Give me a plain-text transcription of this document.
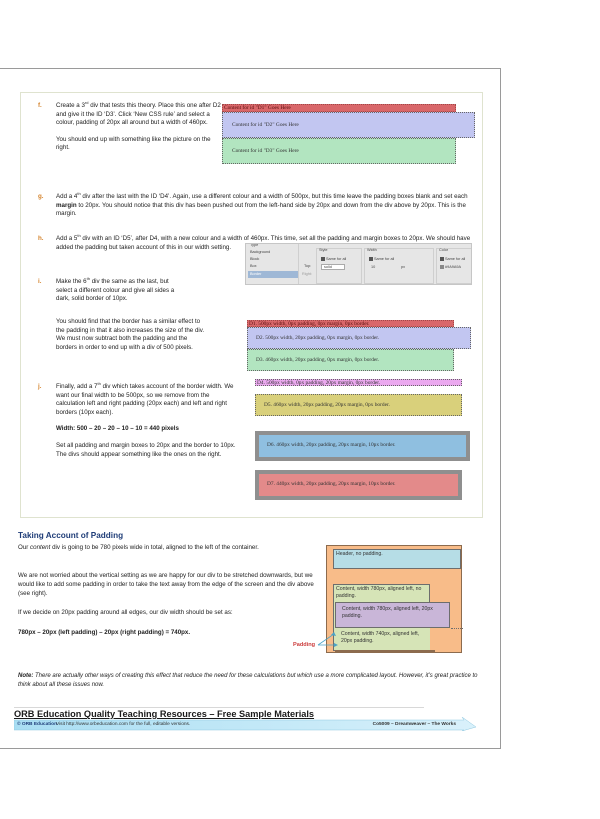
f. Create a 3rd div that tests this theory. Place this one after D2 and give it the ID ‘D3’. Click ‘New CSS rule’ and select a colour, padding of 20px all around but a width of 460px.

You should end up with something like the picture on the right.

Content for id "D1" Goes Here
Content for id "D2" Goes Here
Content for id "D3" Goes Here
g. Add a 4th div after the last with the ID ‘D4’. Again, use a different colour and a width of 500px, but this time leave the padding boxes blank and set each margin to 20px. You should notice that this div has been pushed out from the left-hand side by 20px and down from the div above by 20px. This is the margin.

h. Add a 5th div with an ID ‘D5’, after D4, with a new colour and a width of 460px. This time, set all the padding and margin boxes to 20px. We should have added the padding but taken account of this in our width setting.

i. Make the 6th div the same as the last, but select a different colour and give all sides a dark, solid border of 10px.

You should find that the border has a similar effect to the padding in that it also increases the size of the div. We must now subtract both the padding and the borders in order to end up with a div of 500 pixels.
Type
Background
Block
Box
Border
Style
Same for all
solid
Top:
Right:
Width
Same for all
10	px
Color
Same for all
#9A9A9A
D1. 500px width, 0px padding, 0px margin, 0px border.
D2. 500px width, 20px padding, 0px margin, 0px border.
D3. 460px width, 20px padding, 0px margin, 0px border.
D4. 500px width, 0px padding, 20px margin, 0px border.
D5. 460px width, 20px padding, 20px margin, 0px border.
D6. 460px width, 20px padding, 20px margin, 10px border.
D7. 440px width, 20px padding, 20px margin, 10px border.
j. Finally, add a 7th div which takes account of the border width. We want our final width to be 500px, so we remove from the calculation left and right padding (20px each) and left and right borders (10px each).

Width: 500 – 20 – 20 – 10 – 10 = 440 pixels

Set all padding and margin boxes to 20px and the border to 10px. The divs should appear something like the ones on the right.

Taking Account of Padding
Our content div is going to be 780 pixels wide in total, aligned to the left of the container.
We are not worried about the vertical setting as we are happy for our div to be stretched downwards, but we would like to add some padding in order to take the text away from the edge of the screen and the div above (see right).
If we decide on 20px padding around all edges, our div width should be set as:
780px – 20px (left padding) – 20px (right padding) = 740px.
Header, no padding.
Content, width 780px, aligned left, no padding.
Content, width 780px, aligned left, 20px padding.
Content, width 740px, aligned left, 20px padding.
Padding
Note: There are actually other ways of creating this effect that reduce the need for these calculations but which use a more complicated layout. However, it’s great practice to think about all these issues now.
ORB Education Quality Teaching Resources – Free Sample Materials
© ORB Education
Visit http://www.orbeducation.com for the full, editable versions.	Co5009 – Dreamweaver – The Works
